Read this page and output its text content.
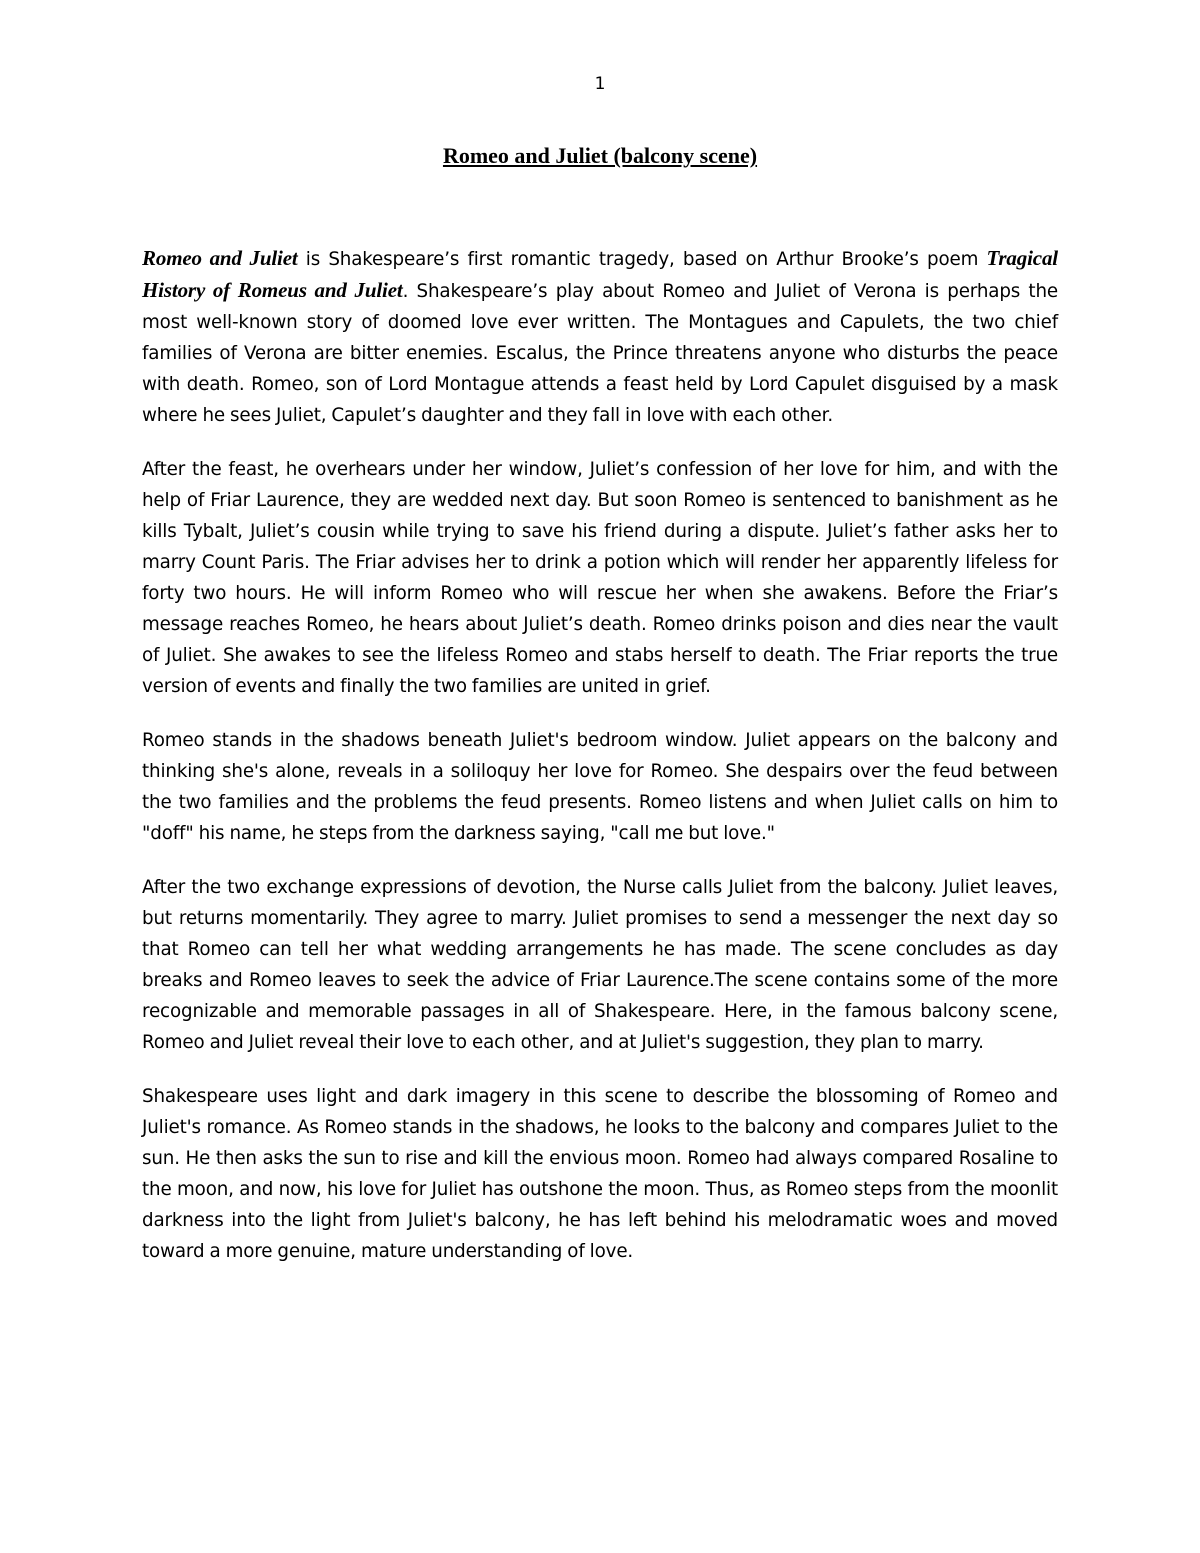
1
Romeo and Juliet (balcony scene)

Romeo and Juliet is Shakespeare’s first romantic tragedy, based on Arthur Brooke’s poem Tragical History of Romeus and Juliet. Shakespeare’s play about Romeo and Juliet of Verona is perhaps the most well-known story of doomed love ever written. The Montagues and Capulets, the two chief families of Verona are bitter enemies. Escalus, the Prince threatens anyone who disturbs the peace with death. Romeo, son of Lord Montague attends a feast held by Lord Capulet disguised by a mask where he sees Juliet, Capulet’s daughter and they fall in love with each other.

After the feast, he overhears under her window, Juliet’s confession of her love for him, and with the help of Friar Laurence, they are wedded next day. But soon Romeo is sentenced to banishment as he kills Tybalt, Juliet’s cousin while trying to save his friend during a dispute. Juliet’s father asks her to marry Count Paris. The Friar advises her to drink a potion which will render her apparently lifeless for forty two hours. He will inform Romeo who will rescue her when she awakens. Before the Friar’s message reaches Romeo, he hears about Juliet’s death. Romeo drinks poison and dies near the vault of Juliet. She awakes to see the lifeless Romeo and stabs herself to death. The Friar reports the true version of events and finally the two families are united in grief.

Romeo stands in the shadows beneath Juliet's bedroom window. Juliet appears on the balcony and thinking she's alone, reveals in a soliloquy her love for Romeo. She despairs over the feud between the two families and the problems the feud presents. Romeo listens and when Juliet calls on him to "doff" his name, he steps from the darkness saying, "call me but love."

After the two exchange expressions of devotion, the Nurse calls Juliet from the balcony. Juliet leaves, but returns momentarily. They agree to marry. Juliet promises to send a messenger the next day so that Romeo can tell her what wedding arrangements he has made. The scene concludes as day breaks and Romeo leaves to seek the advice of Friar Laurence.The scene contains some of the more recognizable and memorable passages in all of Shakespeare. Here, in the famous balcony scene, Romeo and Juliet reveal their love to each other, and at Juliet's suggestion, they plan to marry.

Shakespeare uses light and dark imagery in this scene to describe the blossoming of Romeo and Juliet's romance. As Romeo stands in the shadows, he looks to the balcony and compares Juliet to the sun. He then asks the sun to rise and kill the envious moon. Romeo had always compared Rosaline to the moon, and now, his love for Juliet has outshone the moon. Thus, as Romeo steps from the moonlit darkness into the light from Juliet's balcony, he has left behind his melodramatic woes and moved toward a more genuine, mature understanding of love.
